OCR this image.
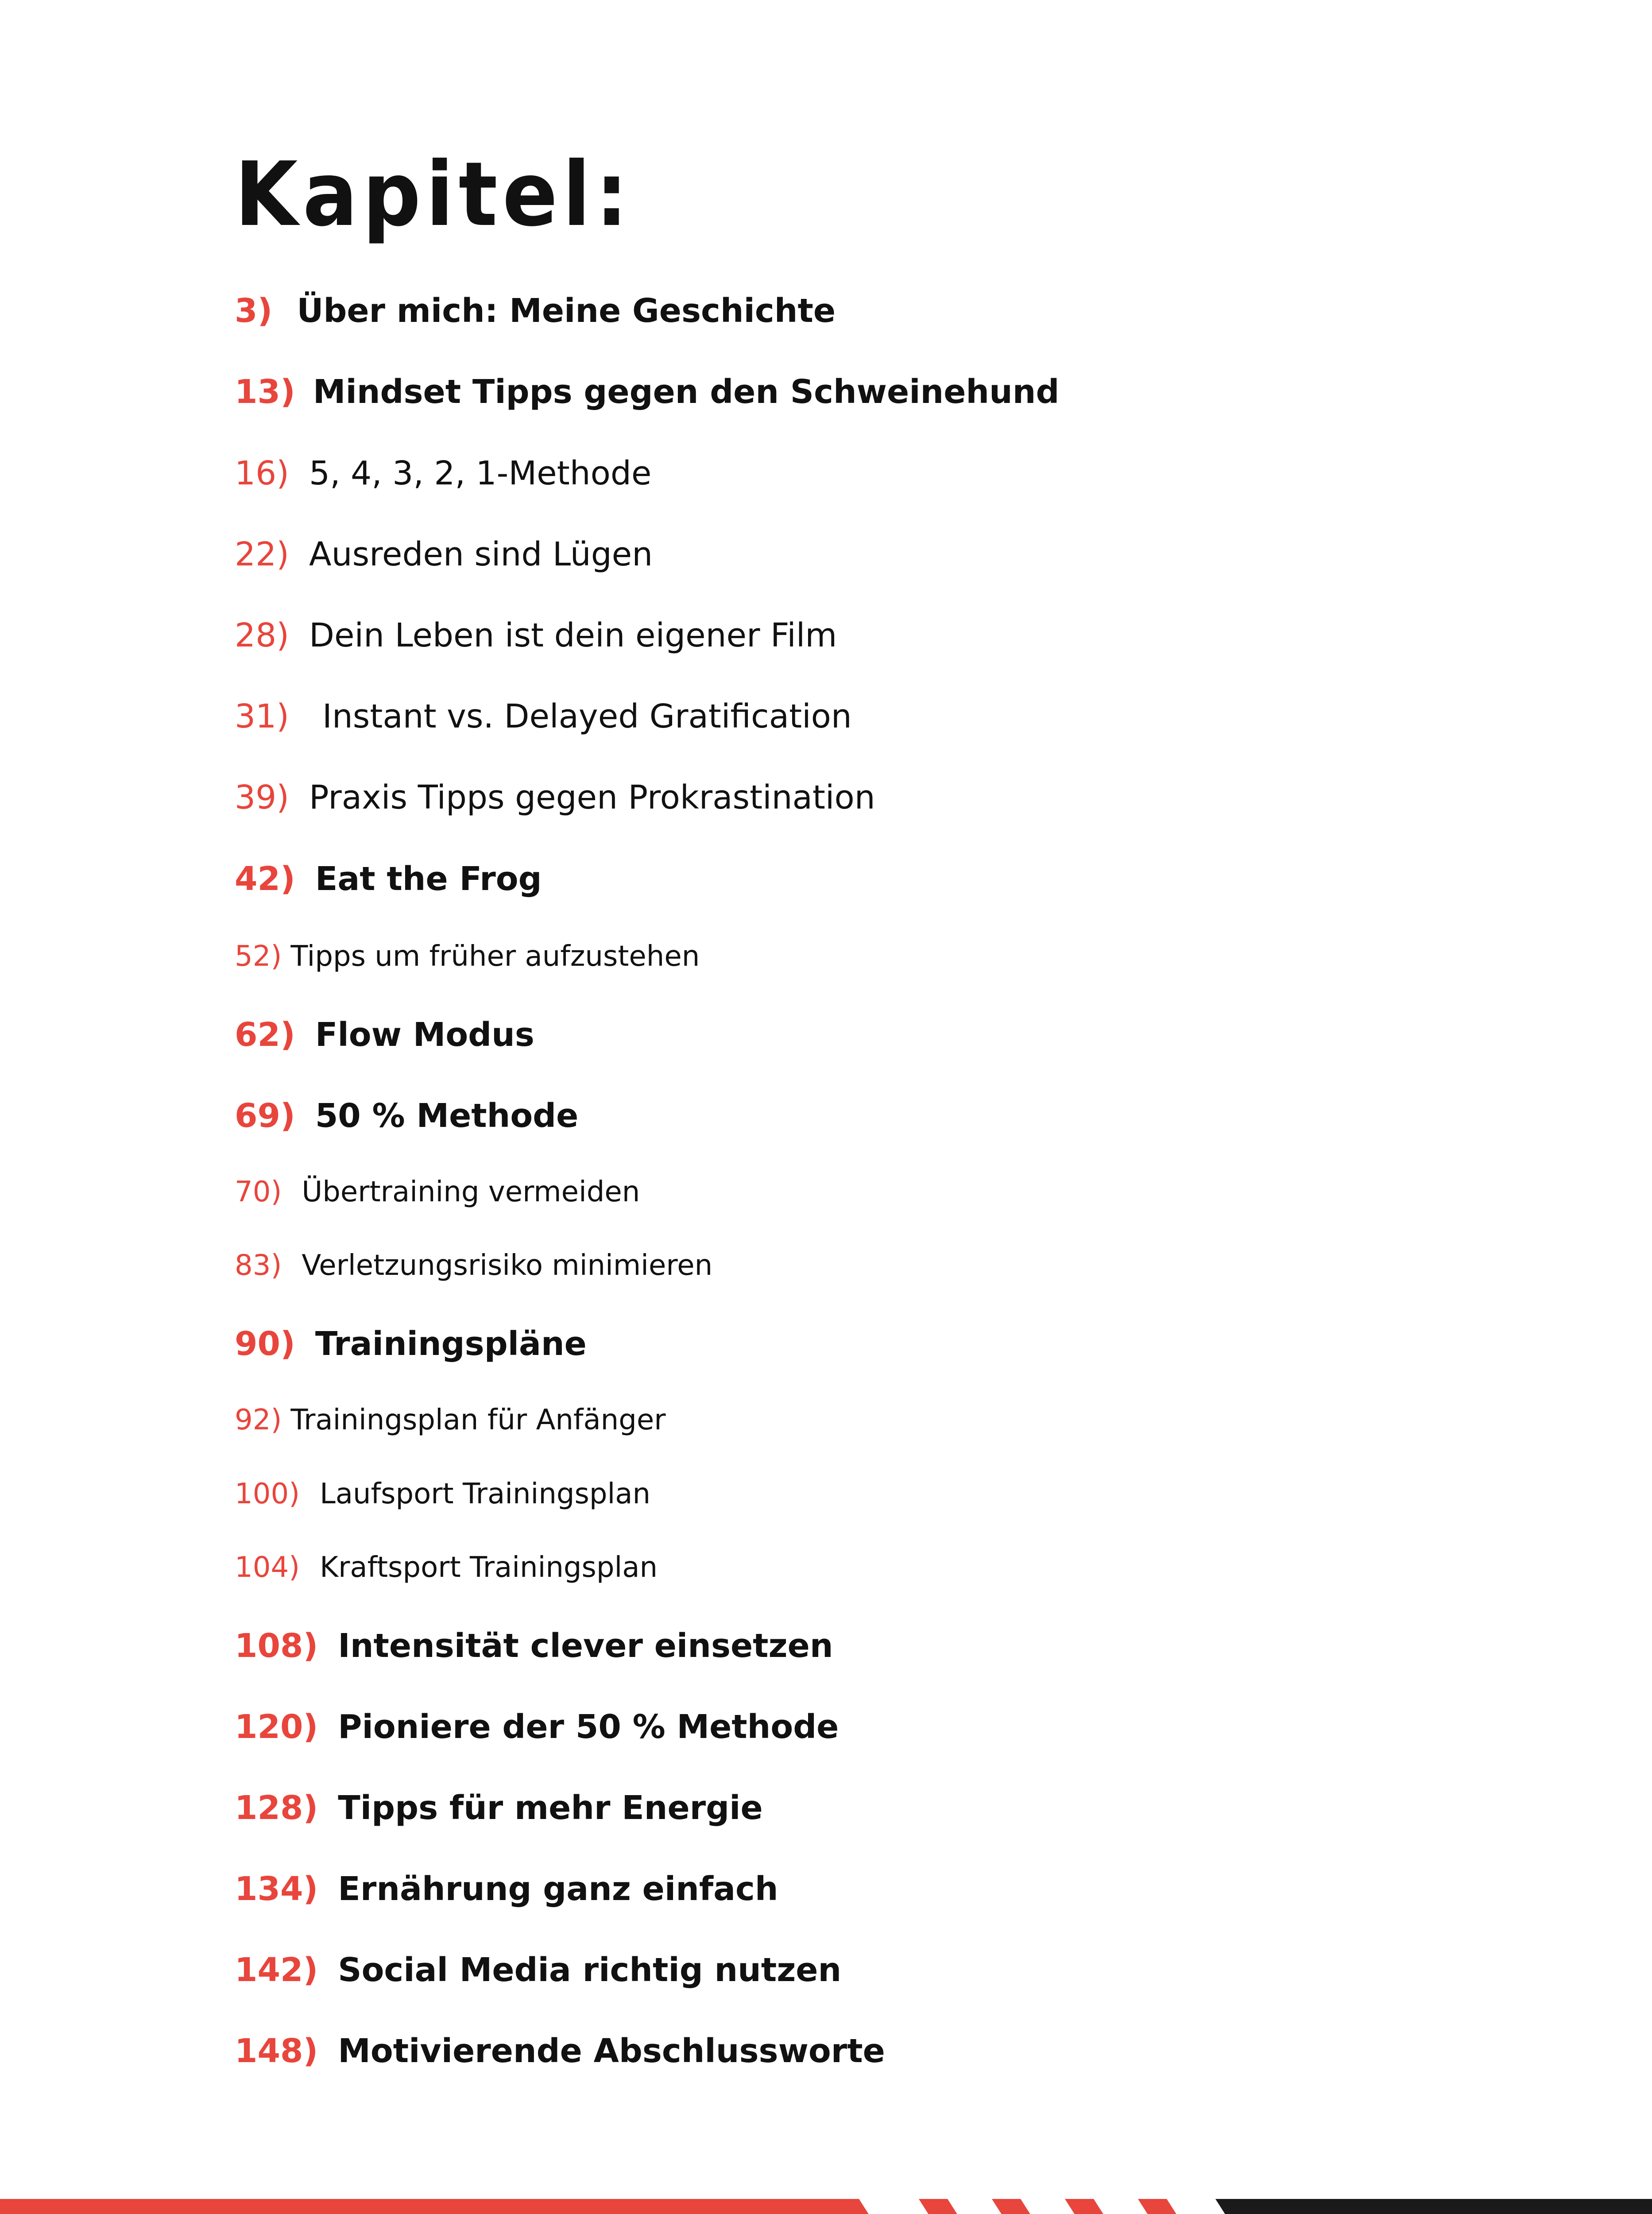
Kapitel:
3) Über mich: Meine Geschichte
13) Mindset Tipps gegen den Schweinehund
16) 5, 4, 3, 2, 1-Methode
22) Ausreden sind Lügen
28) Dein Leben ist dein eigener Film
31) Instant vs. Delayed Gratification
39) Praxis Tipps gegen Prokrastination
42) Eat the Frog
52) Tipps um früher aufzustehen
62) Flow Modus
69) 50 % Methode
70) Übertraining vermeiden
83) Verletzungsrisiko minimieren
90) Trainingspläne
92) Trainingsplan für Anfänger
100) Laufsport Trainingsplan
104) Kraftsport Trainingsplan
108) Intensität clever einsetzen
120) Pioniere der 50 % Methode
128) Tipps für mehr Energie
134) Ernährung ganz einfach
142) Social Media richtig nutzen
148) Motivierende Abschlussworte
